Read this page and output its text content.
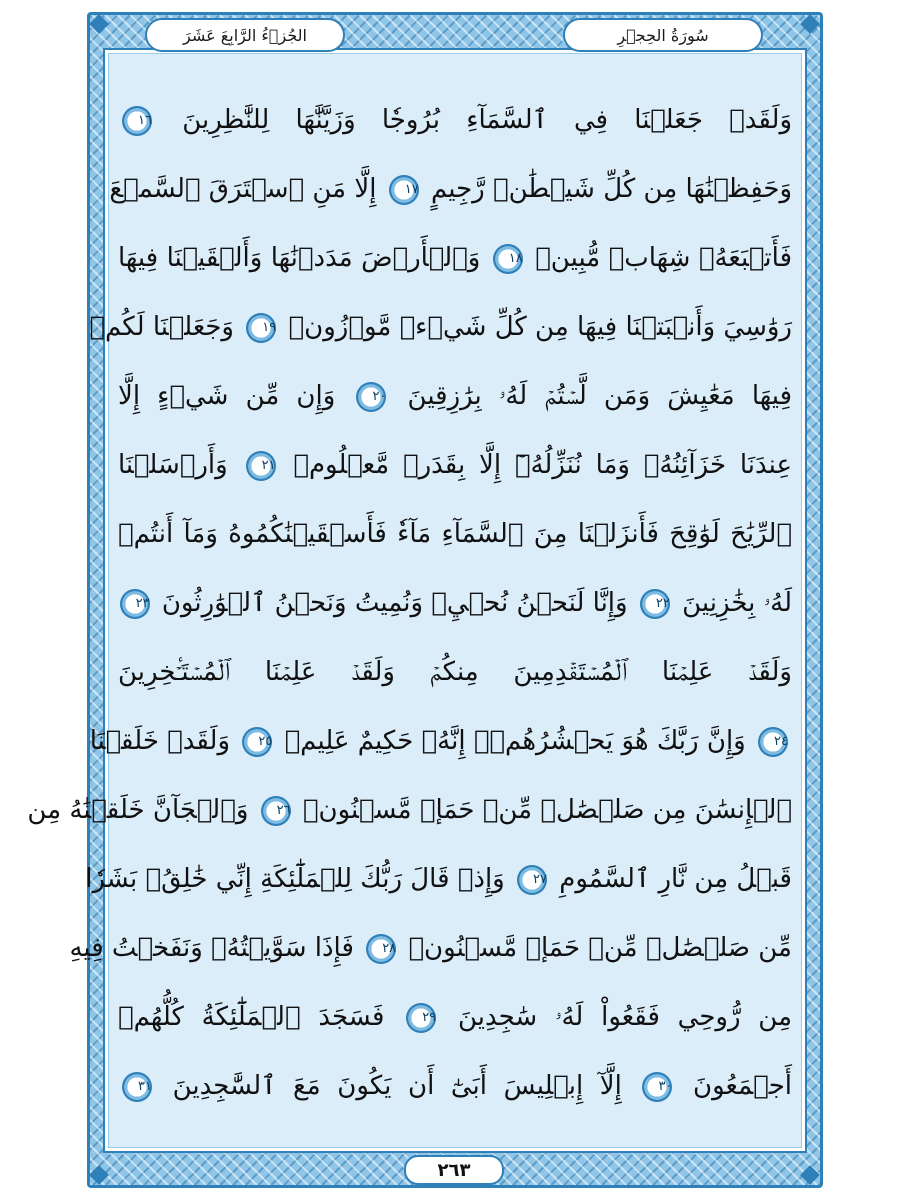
الجُزۡءُ الرَّابِعَ عَشَرَ	سُورَةُ الحِجۡرِ
وَلَقَدۡ جَعَلۡنَا فِي ٱلسَّمَآءِ بُرُوجٗا وَزَيَّنَّٰهَا لِلنَّٰظِرِينَ ١٦
وَحَفِظۡنَٰهَا مِن كُلِّ شَيۡطَٰنٖ رَّجِيمٍ ١٧ إِلَّا مَنِ ٱسۡتَرَقَ ٱلسَّمۡعَ
فَأَتۡبَعَهُۥ شِهَابٞ مُّبِينٞ ١٨ وَٱلۡأَرۡضَ مَدَدۡنَٰهَا وَأَلۡقَيۡنَا فِيهَا
رَوَٰسِيَ وَأَنۢبَتۡنَا فِيهَا مِن كُلِّ شَيۡءٖ مَّوۡزُونٖ ١٩ وَجَعَلۡنَا لَكُمۡ
فِيهَا مَعَٰيِشَ وَمَن لَّسۡتُمۡ لَهُۥ بِرَٰزِقِينَ ٢٠ وَإِن مِّن شَيۡءٍ إِلَّا
عِندَنَا خَزَآئِنُهُۥ وَمَا نُنَزِّلُهُۥٓ إِلَّا بِقَدَرٖ مَّعۡلُومٖ ٢١ وَأَرۡسَلۡنَا
ٱلرِّيَٰحَ لَوَٰقِحَ فَأَنزَلۡنَا مِنَ ٱلسَّمَآءِ مَآءٗ فَأَسۡقَيۡنَٰكُمُوهُ وَمَآ أَنتُمۡ
لَهُۥ بِخَٰزِنِينَ ٢٢ وَإِنَّا لَنَحۡنُ نُحۡيِۦ وَنُمِيتُ وَنَحۡنُ ٱلۡوَٰرِثُونَ ٢٣
وَلَقَدۡ عَلِمۡنَا ٱلۡمُسۡتَقۡدِمِينَ مِنكُمۡ وَلَقَدۡ عَلِمۡنَا ٱلۡمُسۡتَـٔۡخِرِينَ
٢٤ وَإِنَّ رَبَّكَ هُوَ يَحۡشُرُهُمۡۚ إِنَّهُۥ حَكِيمٌ عَلِيمٞ ٢٥ وَلَقَدۡ خَلَقۡنَا
ٱلۡإِنسَٰنَ مِن صَلۡصَٰلٖ مِّنۡ حَمَإٖ مَّسۡنُونٖ ٢٦ وَٱلۡجَآنَّ خَلَقۡنَٰهُ مِن
قَبۡلُ مِن نَّارِ ٱلسَّمُومِ ٢٧ وَإِذۡ قَالَ رَبُّكَ لِلۡمَلَٰٓئِكَةِ إِنِّي خَٰلِقُۢ بَشَرٗا
مِّن صَلۡصَٰلٖ مِّنۡ حَمَإٖ مَّسۡنُونٖ ٢٨ فَإِذَا سَوَّيۡتُهُۥ وَنَفَخۡتُ فِيهِ
مِن رُّوحِي فَقَعُواْ لَهُۥ سَٰجِدِينَ ٢٩ فَسَجَدَ ٱلۡمَلَٰٓئِكَةُ كُلُّهُمۡ
أَجۡمَعُونَ ٣٠ إِلَّآ إِبۡلِيسَ أَبَىٰٓ أَن يَكُونَ مَعَ ٱلسَّٰجِدِينَ ٣١
٢٦٣
